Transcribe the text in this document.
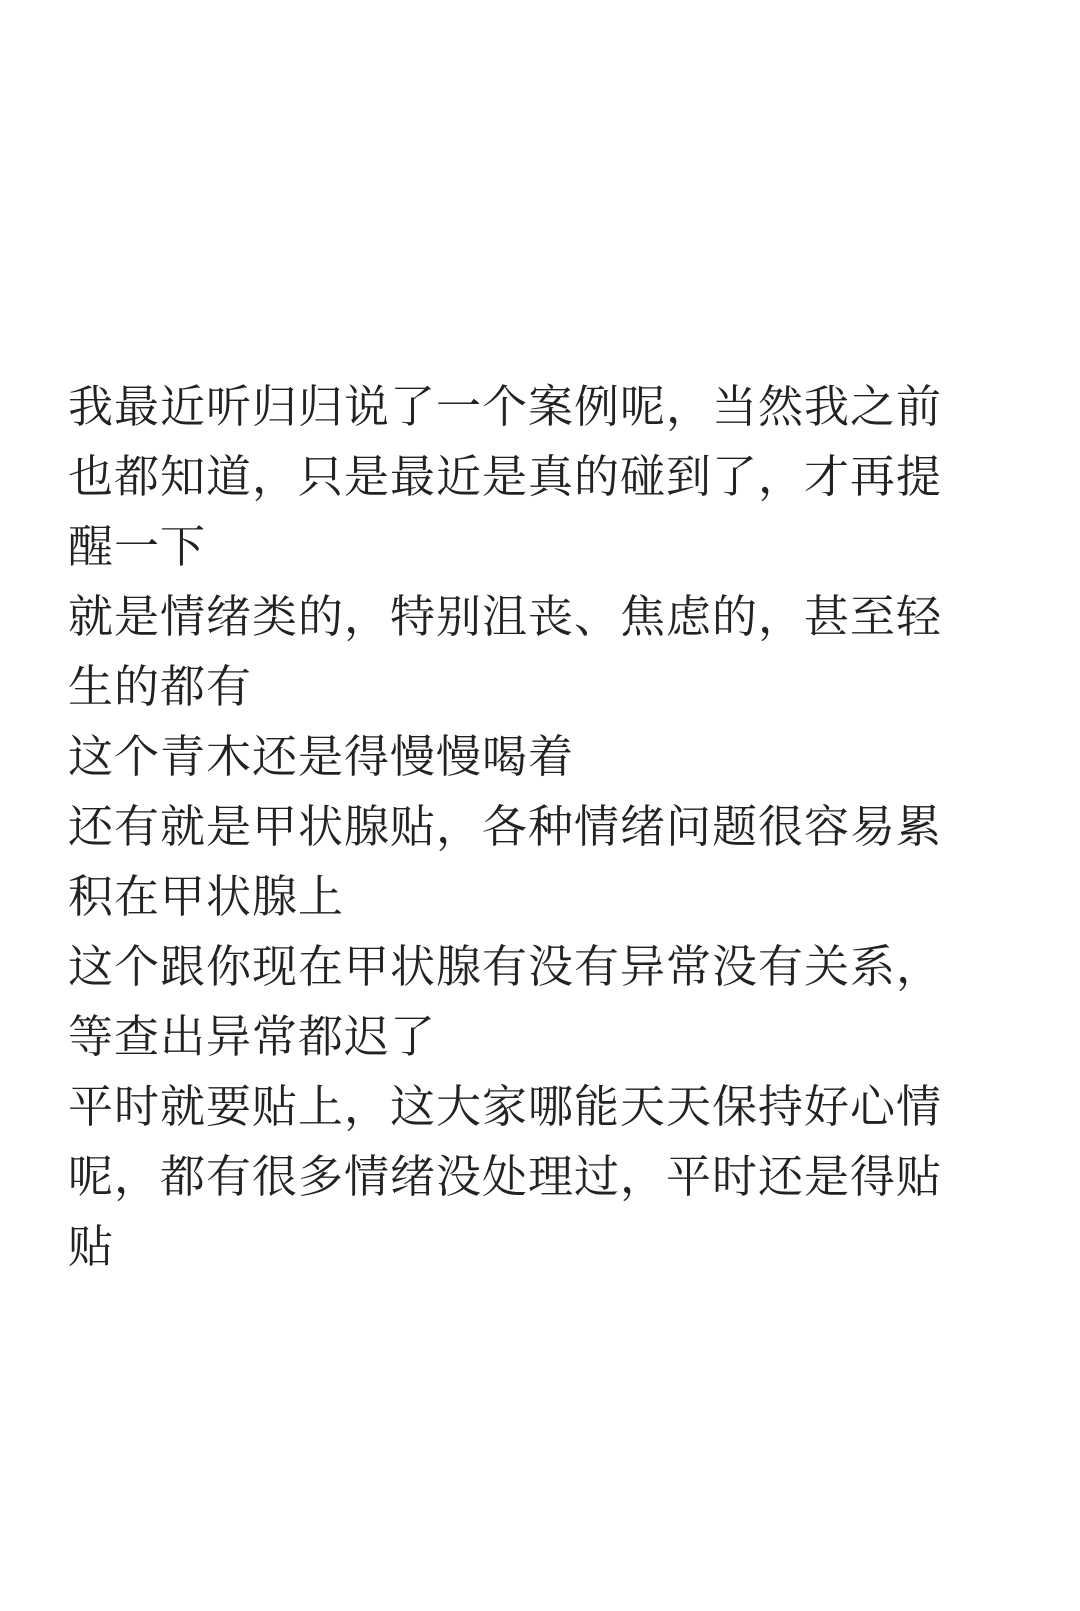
我最近听归归说了一个案例呢，当然我之前也都知道，只是最近是真的碰到了，才再提醒一下

就是情绪类的，特别沮丧、焦虑的，甚至轻生的都有

这个青木还是得慢慢喝着

还有就是甲状腺贴，各种情绪问题很容易累积在甲状腺上

这个跟你现在甲状腺有没有异常没有关系，等查出异常都迟了

平时就要贴上，这大家哪能天天保持好心情呢，都有很多情绪没处理过，平时还是得贴贴
